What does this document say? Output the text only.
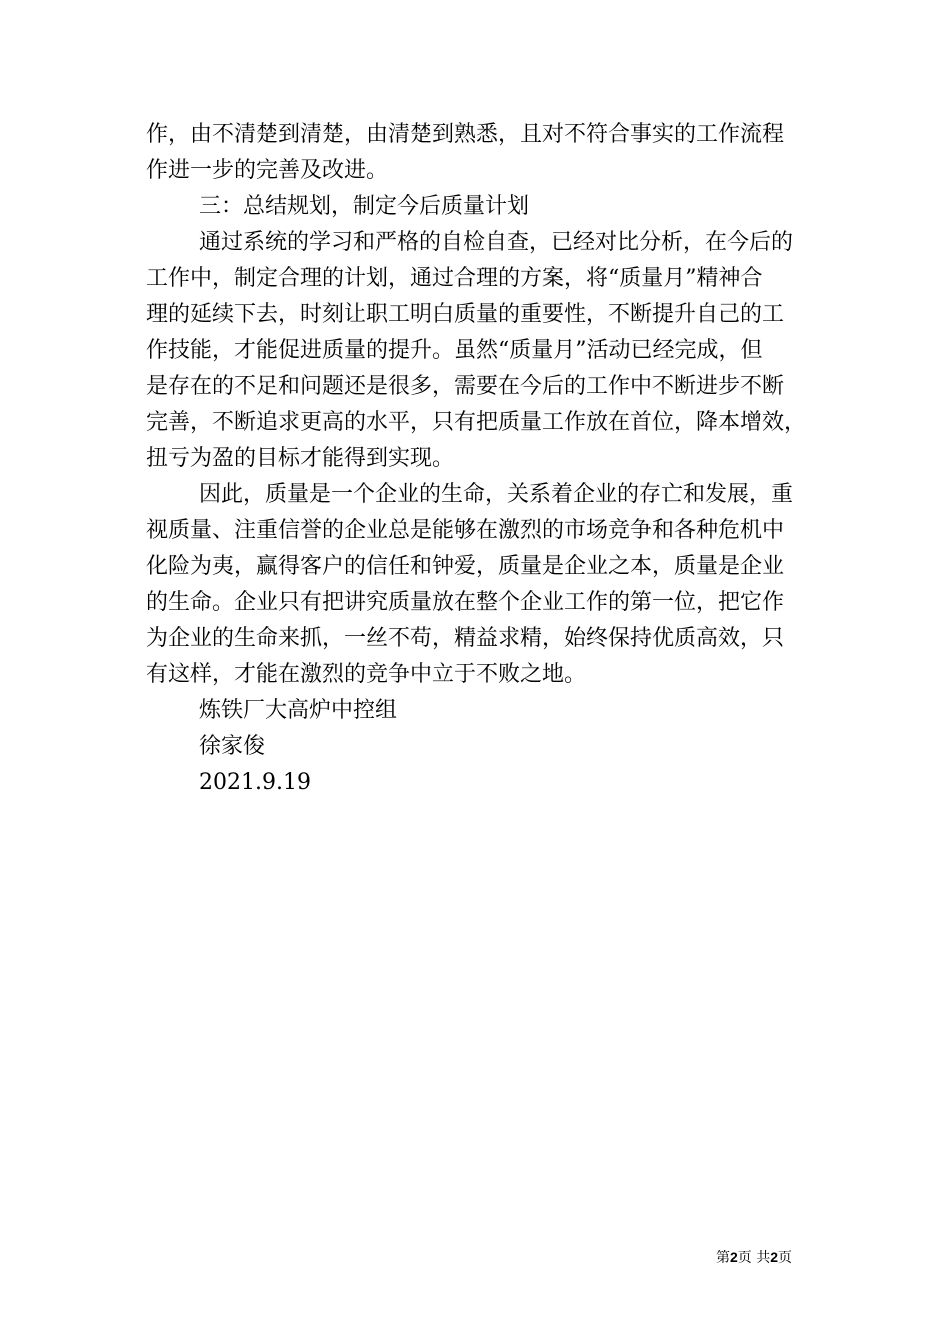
作，由不清楚到清楚，由清楚到熟悉，且对不符合事实的工作流程
作进一步的完善及改进。
三：总结规划，制定今后质量计划
通过系统的学习和严格的自检自查，已经对比分析，在今后的
工作中，制定合理的计划，通过合理的方案，将“质量月”精神合
理的延续下去，时刻让职工明白质量的重要性，不断提升自己的工
作技能，才能促进质量的提升。虽然“质量月”活动已经完成，但
是存在的不足和问题还是很多，需要在今后的工作中不断进步不断
完善，不断追求更高的水平，只有把质量工作放在首位，降本增效，
扭亏为盈的目标才能得到实现。
因此，质量是一个企业的生命，关系着企业的存亡和发展，重
视质量、注重信誉的企业总是能够在激烈的市场竞争和各种危机中
化险为夷，赢得客户的信任和钟爱，质量是企业之本，质量是企业
的生命。企业只有把讲究质量放在整个企业工作的第一位，把它作
为企业的生命来抓，一丝不苟，精益求精，始终保持优质高效，只
有这样，才能在激烈的竞争中立于不败之地。
炼铁厂大高炉中控组
徐家俊
2021.9.19
第2页 共2页
